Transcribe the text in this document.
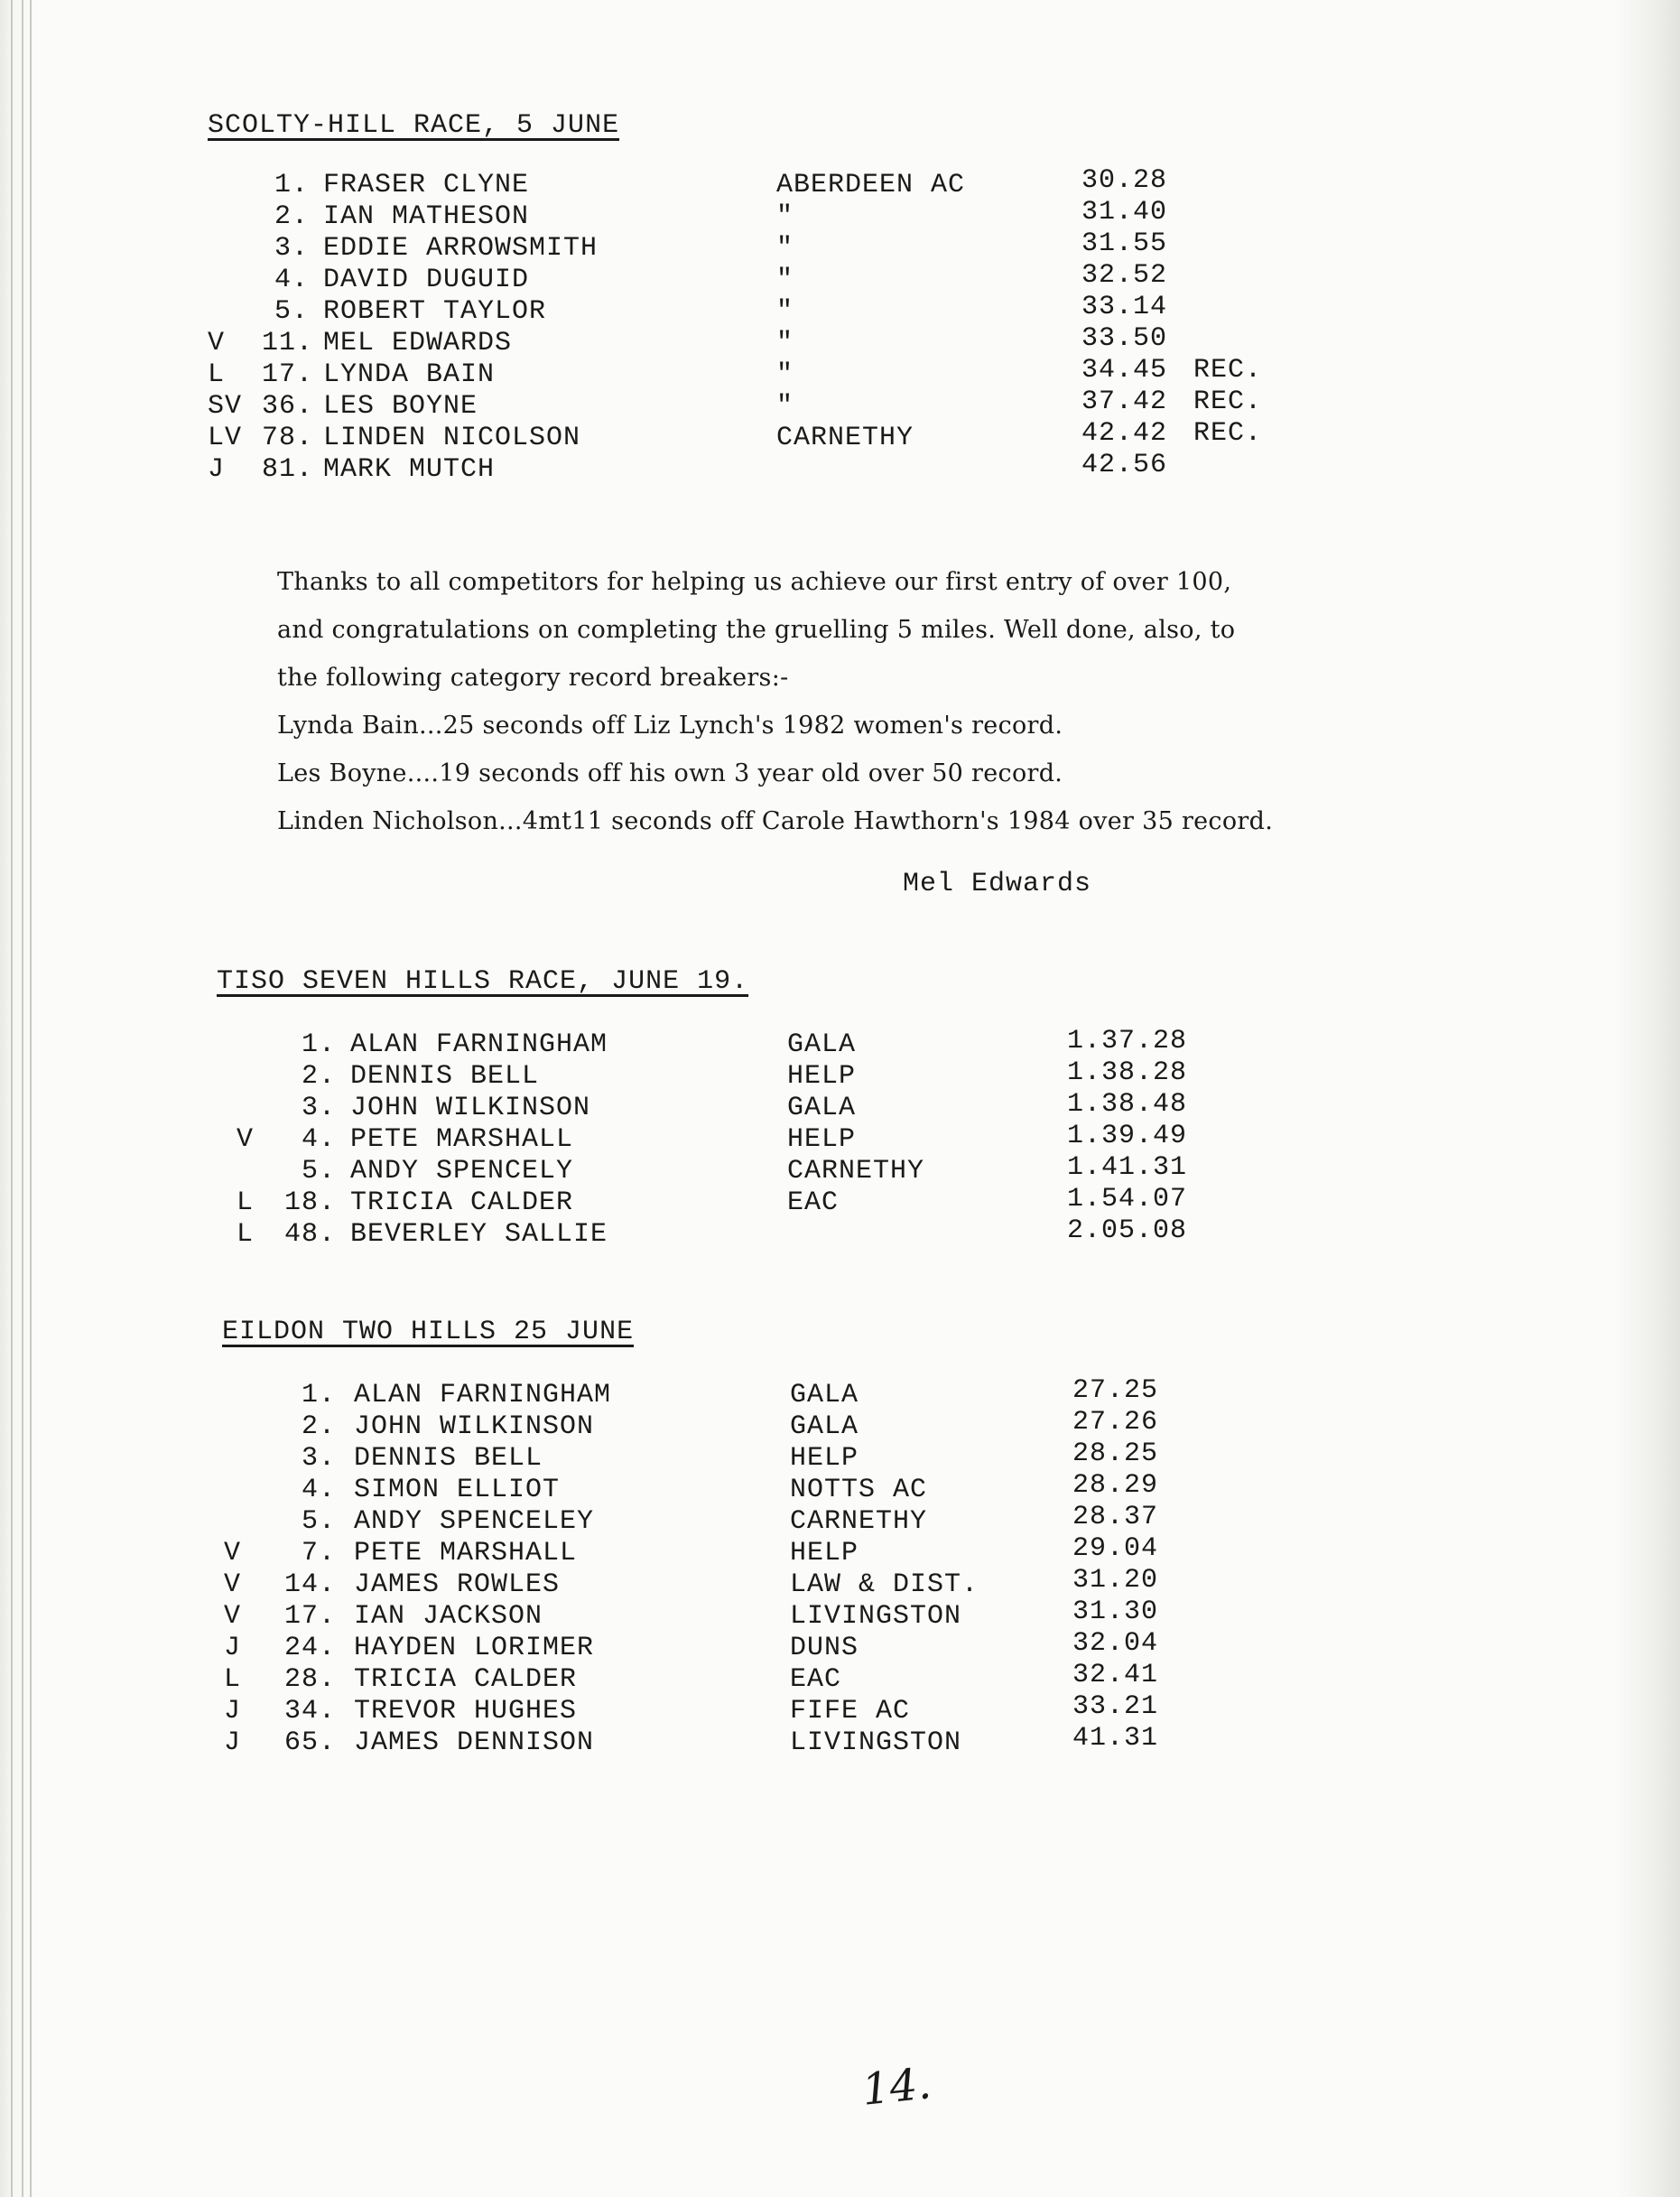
SCOLTY-HILL RACE, 5 JUNE
V
L
SV
LV
J
1.
2.
3.
4.
5.
11.
17.
36.
78.
81.
FRASER CLYNE
IAN MATHESON
EDDIE ARROWSMITH
DAVID DUGUID
ROBERT TAYLOR
MEL EDWARDS
LYNDA BAIN
LES BOYNE
LINDEN NICOLSON
MARK MUTCH
ABERDEEN AC
"
"
"
"
"
"
"
CARNETHY
30.28
31.40
31.55
32.52
33.14
33.50
34.45
37.42
42.42
42.56
REC.
REC.
REC.
Thanks to all competitors for helping us achieve our first entry of over 100,
and congratulations on completing the gruelling 5 miles. Well done, also, to
the following category record breakers:-
Lynda Bain...25 seconds off Liz Lynch's 1982 women's record.
Les Boyne....19 seconds off his own 3 year old over 50 record.
Linden Nicholson...4mt11 seconds off Carole Hawthorn's 1984 over 35 record.
Mel Edwards
TISO SEVEN HILLS RACE, JUNE 19.
V
L
L
1.
2.
3.
4.
5.
18.
48.
ALAN FARNINGHAM
DENNIS BELL
JOHN WILKINSON
PETE MARSHALL
ANDY SPENCELY
TRICIA CALDER
BEVERLEY SALLIE
GALA
HELP
GALA
HELP
CARNETHY
EAC
1.37.28
1.38.28
1.38.48
1.39.49
1.41.31
1.54.07
2.05.08
EILDON TWO HILLS 25 JUNE
V
V
V
J
L
J
J
1.
2.
3.
4.
5.
7.
14.
17.
24.
28.
34.
65.
ALAN FARNINGHAM
JOHN WILKINSON
DENNIS BELL
SIMON ELLIOT
ANDY SPENCELEY
PETE MARSHALL
JAMES ROWLES
IAN JACKSON
HAYDEN LORIMER
TRICIA CALDER
TREVOR HUGHES
JAMES DENNISON
GALA
GALA
HELP
NOTTS AC
CARNETHY
HELP
LAW & DIST.
LIVINGSTON
DUNS
EAC
FIFE AC
LIVINGSTON
27.25
27.26
28.25
28.29
28.37
29.04
31.20
31.30
32.04
32.41
33.21
41.31
14.
